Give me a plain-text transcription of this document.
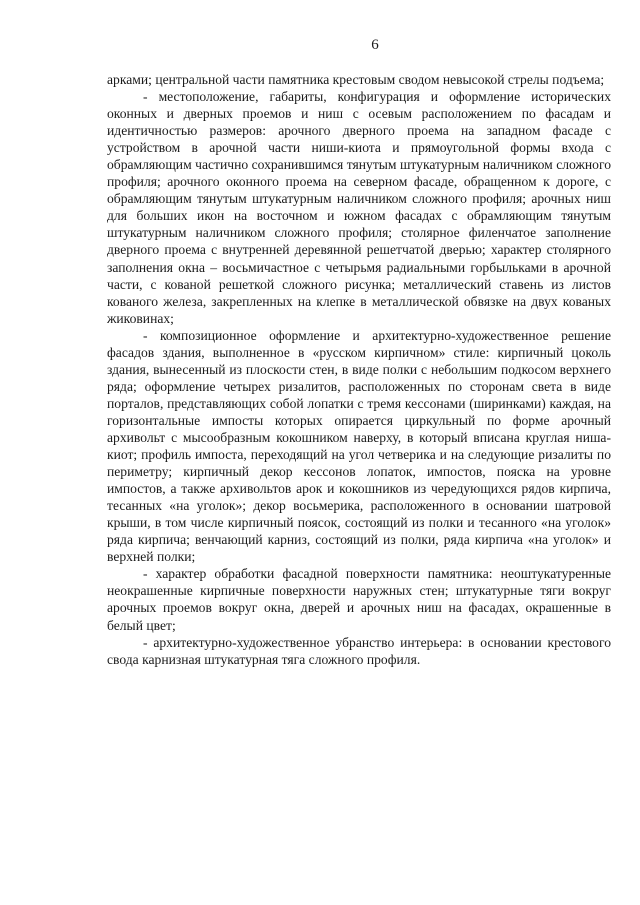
6

арками; центральной части памятника крестовым сводом невысокой стрелы подъема;

- местоположение, габариты, конфигурация и оформление исторических оконных и дверных проемов и ниш с осевым расположением по фасадам и идентичностью размеров: арочного дверного проема на западном фасаде с устройством в арочной части ниши-киота и прямоугольной формы входа с обрамляющим частично сохранившимся тянутым штукатурным наличником сложного профиля; арочного оконного проема на северном фасаде, обращенном к дороге, с обрамляющим тянутым штукатурным наличником сложного профиля; арочных ниш для больших икон на восточном и южном фасадах с обрамляющим тянутым штукатурным наличником сложного профиля; столярное филенчатое заполнение дверного проема с внутренней деревянной решетчатой дверью; характер столярного заполнения окна – восьмичастное с четырьмя радиальными горбыльками в арочной части, с кованой решеткой сложного рисунка; металлический ставень из листов кованого железа, закрепленных на клепке в металлической обвязке на двух кованых жиковинах;

- композиционное оформление и архитектурно-художественное решение фасадов здания, выполненное в «русском кирпичном» стиле: кирпичный цоколь здания, вынесенный из плоскости стен, в виде полки с небольшим подкосом верхнего ряда; оформление четырех ризалитов, расположенных по сторонам света в виде порталов, представляющих собой лопатки с тремя кессонами (ширинками) каждая, на горизонтальные импосты которых опирается циркульный по форме арочный архивольт с мысообразным кокошником наверху, в который вписана круглая ниша-киот; профиль импоста, переходящий на угол четверика и на следующие ризалиты по периметру; кирпичный декор кессонов лопаток, импостов, пояска на уровне импостов, а также архивольтов арок и кокошников из чередующихся рядов кирпича, тесанных «на уголок»; декор восьмерика, расположенного в основании шатровой крыши, в том числе кирпичный поясок, состоящий из полки и тесанного «на уголок» ряда кирпича; венчающий карниз, состоящий из полки, ряда кирпича «на уголок» и верхней полки;

- характер обработки фасадной поверхности памятника: неоштукатуренные неокрашенные кирпичные поверхности наружных стен; штукатурные тяги вокруг арочных проемов вокруг окна, дверей и арочных ниш на фасадах, окрашенные в белый цвет;

- архитектурно-художественное убранство интерьера: в основании крестового свода карнизная штукатурная тяга сложного профиля.
